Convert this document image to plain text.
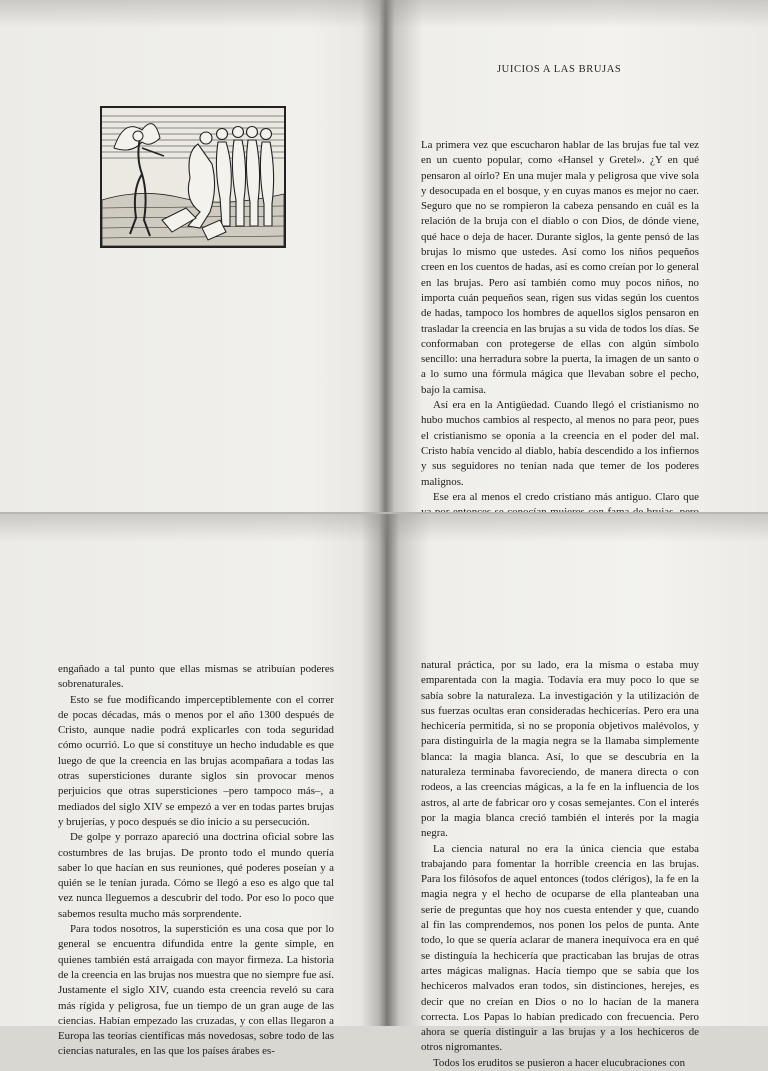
JUICIOS A LAS BRUJAS

La primera vez que escucharon hablar de las brujas fue tal vez en un cuento popular, como «Hansel y Gretel». ¿Y en qué pensaron al oírlo? En una mujer mala y peligrosa que vive sola y desocupada en el bosque, y en cuyas manos es mejor no caer. Seguro que no se rompieron la cabeza pensando en cuál es la relación de la bruja con el diablo o con Dios, de dónde viene, qué hace o deja de hacer. Durante siglos, la gente pensó de las brujas lo mismo que ustedes. Así como los niños pequeños creen en los cuentos de hadas, así es como creían por lo general en las brujas. Pero así también como muy pocos niños, no importa cuán pequeños sean, rigen sus vidas según los cuentos de hadas, tampoco los hombres de aquellos siglos pensaron en trasladar la creencia en las brujas a su vida de todos los días. Se conformaban con protegerse de ellas con algún símbolo sencillo: una herradura sobre la puerta, la imagen de un santo o a lo sumo una fórmula mágica que llevaban sobre el pecho, bajo la camisa.

Así era en la Antigüedad. Cuando llegó el cristianismo no hubo muchos cambios al respecto, al menos no para peor, pues el cristianismo se oponía a la creencia en el poder del mal. Cristo había vencido al diablo, había descendido a los infiernos y sus seguidores no tenían nada que temer de los poderes malignos.

Ese era al menos el credo cristiano más antiguo. Claro que

engañado a tal punto que ellas mismas se atribuían poderes sobrenaturales.

Esto se fue modificando imperceptiblemente con el correr de pocas décadas, más o menos por el año 1300 después de Cristo, aunque nadie podrá explicarles con toda seguridad cómo ocurrió. Lo que sí constituye un hecho indudable es que luego de que la creencia en las brujas acompañara a todas las otras supersticiones durante siglos sin provocar menos perjuicios que otras supersticiones –pero tampoco más–, a mediados del siglo XIV se empezó a ver en todas partes brujas y brujerías, y poco después se dio inicio a su persecución.

De golpe y porrazo apareció una doctrina oficial sobre las costumbres de las brujas. De pronto todo el mundo quería saber lo que hacían en sus reuniones, qué poderes poseían y a quién se le tenían jurada. Cómo se llegó a eso es algo que tal vez nunca lleguemos a descubrir del todo. Por eso lo poco que sabemos resulta mucho más sorprendente.

Para todos nosotros, la superstición es una cosa que por lo general se encuentra difundida entre la gente simple, en quienes también está arraigada con mayor firmeza. La historia de la creencia en las brujas nos muestra que no siempre fue así. Justamente el siglo XIV, cuando esta creencia reveló su cara más rígida y peligrosa, fue un tiempo de un gran auge de las ciencias. Habían empezado las cruzadas, y con ellas llegaron a Europa las teorías científicas más novedosas, sobre todo de las ciencias naturales, en las que los países árabes es-

natural práctica, por su lado, era la misma o estaba muy emparentada con la magia. Todavía era muy poco lo que se sabía sobre la naturaleza. La investigación y la utilización de sus fuerzas ocultas eran consideradas hechicerías. Pero era una hechicería permitida, si no se proponía objetivos malévolos, y para distinguirla de la magia negra se la llamaba simplemente blanca: la magia blanca. Así, lo que se descubría en la naturaleza terminaba favoreciendo, de manera directa o con rodeos, a las creencias mágicas, a la fe en la influencia de los astros, al arte de fabricar oro y cosas semejantes. Con el interés por la magia blanca creció también el interés por la magia negra.

La ciencia natural no era la única ciencia que estaba trabajando para fomentar la horrible creencia en las brujas. Para los filósofos de aquel entonces (todos clérigos), la fe en la magia negra y el hecho de ocuparse de ella planteaban una serie de preguntas que hoy nos cuesta entender y que, cuando al fin las comprendemos, nos ponen los pelos de punta. Ante todo, lo que se quería aclarar de manera inequívoca era en qué se distinguía la hechicería que practicaban las brujas de otras artes mágicas malignas. Hacía tiempo que se sabía que los hechiceros malvados eran todos, sin distinciones, herejes, es decir que no creían en Dios o no lo hacían de la manera correcta. Los Papas lo habían predicado con frecuencia. Pero ahora se quería distinguir a las brujas y a los hechiceros de otros nigromantes.

Todos los eruditos se pusieron a hacer elucubraciones con
